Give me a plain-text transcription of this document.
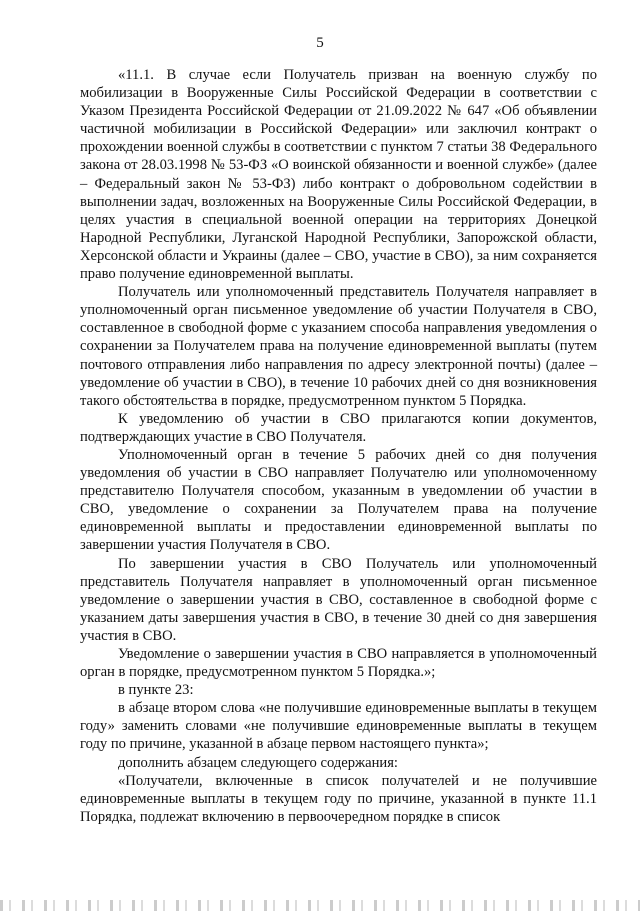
5

«11.1. В случае если Получатель призван на военную службу по мобилизации в Вооруженные Силы Российской Федерации в соответствии с Указом Президента Российской Федерации от 21.09.2022 № 647 «Об объявлении частичной мобилизации в Российской Федерации» или заключил контракт о прохождении военной службы в соответствии с пунктом 7 статьи 38 Федерального закона от 28.03.1998 № 53-ФЗ «О воинской обязанности и военной службе» (далее – Федеральный закон № 53-ФЗ) либо контракт о добровольном содействии в выполнении задач, возложенных на Вооруженные Силы Российской Федерации, в целях участия в специальной военной операции на территориях Донецкой Народной Республики, Луганской Народной Республики, Запорожской области, Херсонской области и Украины (далее – СВО, участие в СВО), за ним сохраняется право получение единовременной выплаты.

Получатель или уполномоченный представитель Получателя направляет в уполномоченный орган письменное уведомление об участии Получателя в СВО, составленное в свободной форме с указанием способа направления уведомления о сохранении за Получателем права на получение единовременной выплаты (путем почтового отправления либо направления по адресу электронной почты) (далее – уведомление об участии в СВО), в течение 10 рабочих дней со дня возникновения такого обстоятельства в порядке, предусмотренном пунктом 5 Порядка.

К уведомлению об участии в СВО прилагаются копии документов, подтверждающих участие в СВО Получателя.

Уполномоченный орган в течение 5 рабочих дней со дня получения уведомления об участии в СВО направляет Получателю или уполномоченному представителю Получателя способом, указанным в уведомлении об участии в СВО, уведомление о сохранении за Получателем права на получение единовременной выплаты и предоставлении единовременной выплаты по завершении участия Получателя в СВО.

По завершении участия в СВО Получатель или уполномоченный представитель Получателя направляет в уполномоченный орган письменное уведомление о завершении участия в СВО, составленное в свободной форме с указанием даты завершения участия в СВО, в течение 30 дней со дня завершения участия в СВО.

Уведомление о завершении участия в СВО направляется в уполномоченный орган в порядке, предусмотренном пунктом 5 Порядка.»;

в пункте 23:

в абзаце втором слова «не получившие единовременные выплаты в текущем году» заменить словами «не получившие единовременные выплаты в текущем году по причине, указанной в абзаце первом настоящего пункта»;

дополнить абзацем следующего содержания:

«Получатели, включенные в список получателей и не получившие единовременные выплаты в текущем году по причине, указанной в пункте 11.1 Порядка, подлежат включению в первоочередном порядке в список
